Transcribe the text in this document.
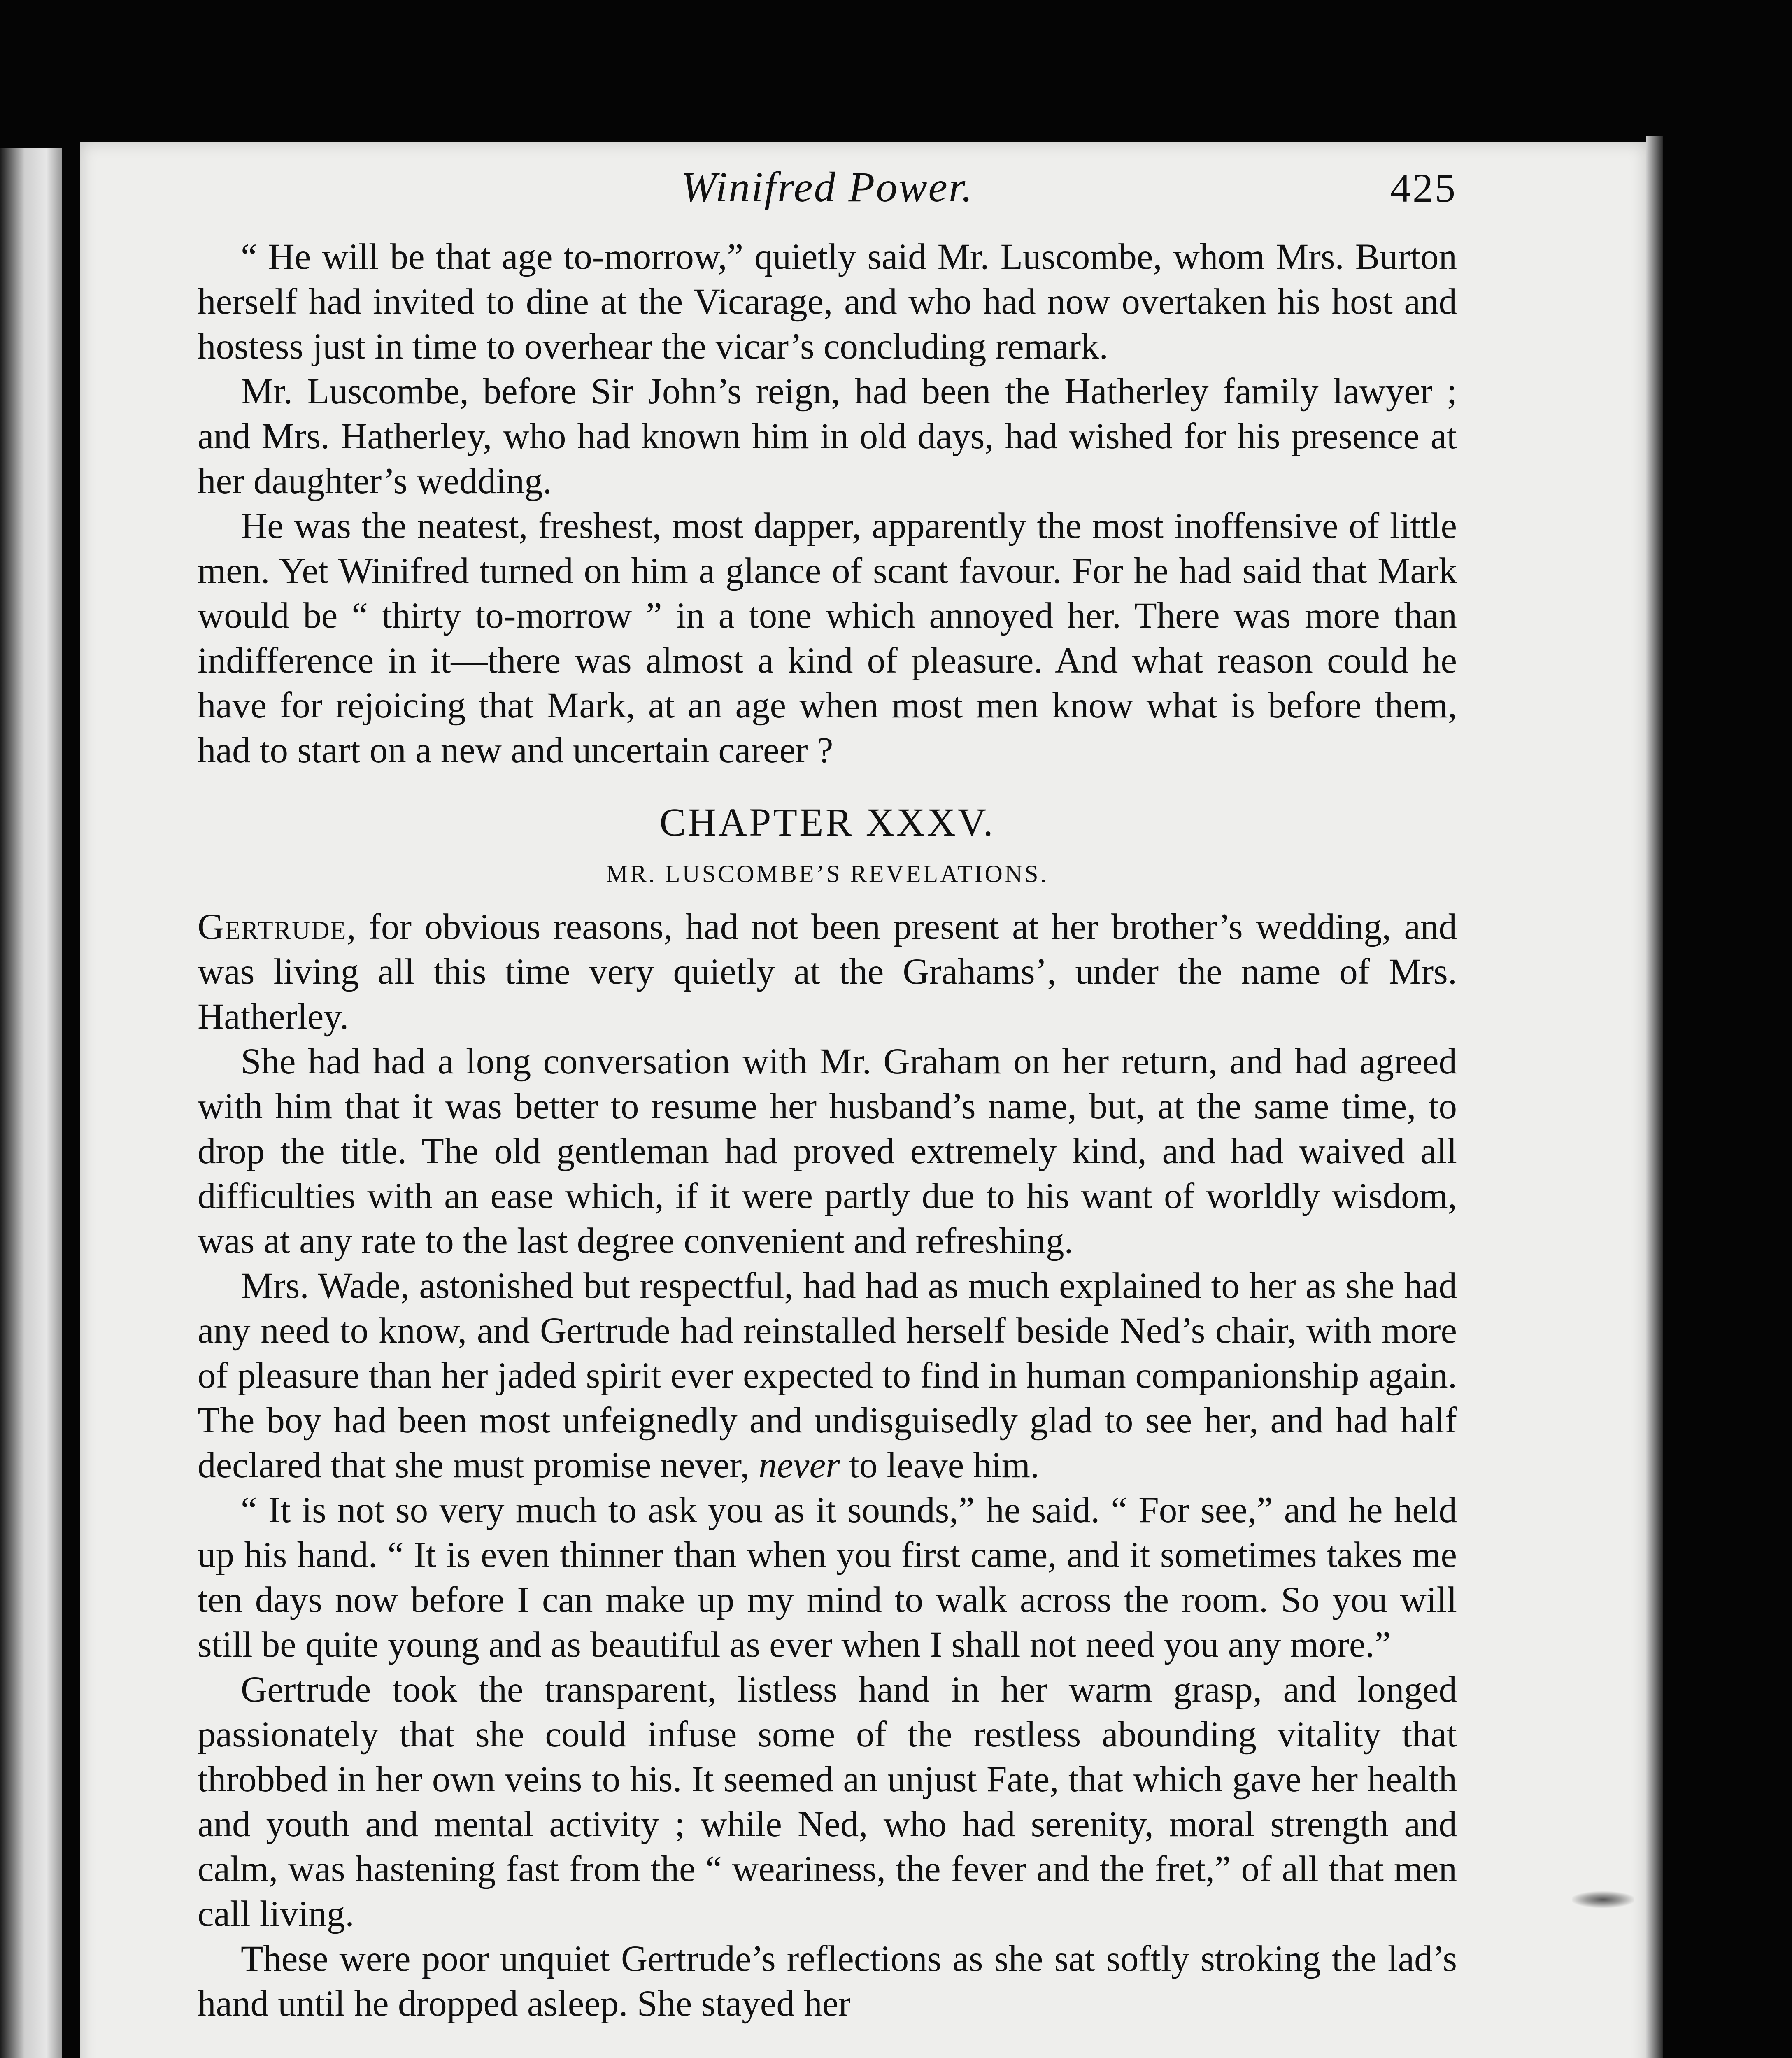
Winifred Power.	425

“ He will be that age to-morrow,” quietly said Mr. Luscombe, whom Mrs. Burton herself had invited to dine at the Vicarage, and who had now overtaken his host and hostess just in time to overhear the vicar’s concluding remark.

Mr. Luscombe, before Sir John’s reign, had been the Hatherley family lawyer ; and Mrs. Hatherley, who had known him in old days, had wished for his presence at her daughter’s wedding.

He was the neatest, freshest, most dapper, apparently the most inoffensive of little men. Yet Winifred turned on him a glance of scant favour. For he had said that Mark would be “ thirty to-morrow ” in a tone which annoyed her. There was more than indifference in it—there was almost a kind of pleasure. And what reason could he have for rejoicing that Mark, at an age when most men know what is before them, had to start on a new and uncertain career ?

CHAPTER XXXV.

MR. LUSCOMBE’S REVELATIONS.

Gertrude, for obvious reasons, had not been present at her brother’s wedding, and was living all this time very quietly at the Grahams’, under the name of Mrs. Hatherley.

She had had a long conversation with Mr. Graham on her return, and had agreed with him that it was better to resume her husband’s name, but, at the same time, to drop the title. The old gentleman had proved extremely kind, and had waived all difficulties with an ease which, if it were partly due to his want of worldly wisdom, was at any rate to the last degree convenient and refreshing.

Mrs. Wade, astonished but respectful, had had as much explained to her as she had any need to know, and Gertrude had reinstalled herself beside Ned’s chair, with more of pleasure than her jaded spirit ever expected to find in human companionship again. The boy had been most unfeignedly and undisguisedly glad to see her, and had half declared that she must promise never, never to leave him.

“ It is not so very much to ask you as it sounds,” he said. “ For see,” and he held up his hand. “ It is even thinner than when you first came, and it sometimes takes me ten days now before I can make up my mind to walk across the room. So you will still be quite young and as beautiful as ever when I shall not need you any more.”

Gertrude took the transparent, listless hand in her warm grasp, and longed passionately that she could infuse some of the restless abounding vitality that throbbed in her own veins to his. It seemed an unjust Fate, that which gave her health and youth and mental activity ; while Ned, who had serenity, moral strength and calm, was hastening fast from the “ weariness, the fever and the fret,” of all that men call living.

These were poor unquiet Gertrude’s reflections as she sat softly stroking the lad’s hand until he dropped asleep. She stayed her
